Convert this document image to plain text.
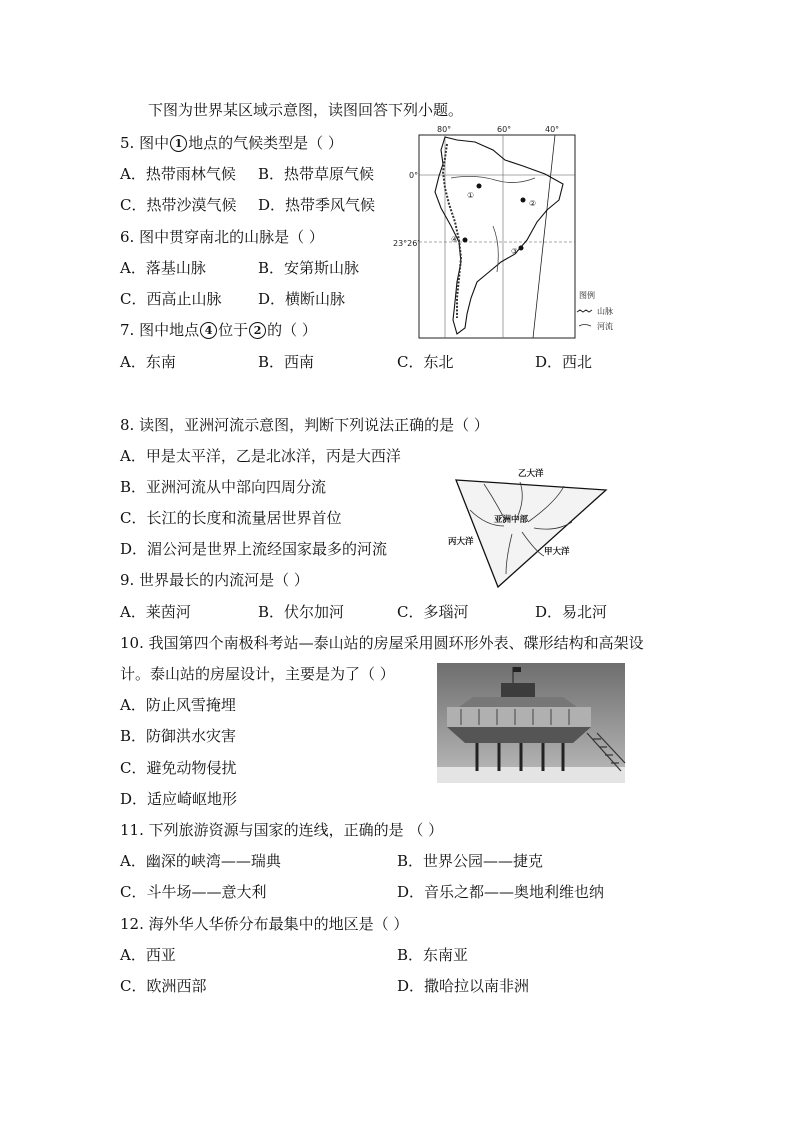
下图为世界某区域示意图，读图回答下列小题。
5. 图中 1 地点的气候类型是（ ）
A．热带雨林气候 B．热带草原气候
C．热带沙漠气候 D．热带季风气候
6. 图中贯穿南北的山脉是（ ）
A．落基山脉	B．安第斯山脉
C．西高止山脉 D．横断山脉
7. 图中地点 4 位于 2 的（ ）
A．东南	B．西南	C．东北	D．西北
80°	60°	40°
0°
23°26′
①
②
③
④
图例
山脉
河流
8. 读图，亚洲河流示意图，判断下列说法正确的是（ ）
A．甲是太平洋，乙是北冰洋，丙是大西洋
B．亚洲河流从中部向四周分流
C．长江的长度和流量居世界首位
D．湄公河是世界上流经国家最多的河流
乙大洋
亚洲中部
丙大洋
甲大洋
9. 世界最长的内流河是（ ）
A．莱茵河	B．伏尔加河	C．多瑙河	D．易北河
10. 我国第四个南极科考站—泰山站的房屋采用圆环形外表、碟形结构和高架设
计。泰山站的房屋设计，主要是为了（ ）
A．防止风雪掩埋
B．防御洪水灾害
C．避免动物侵扰
D．适应崎岖地形
11. 下列旅游资源与国家的连线，正确的是 （ ）
A．幽深的峡湾——瑞典	B．世界公园——捷克
C．斗牛场——意大利	D．音乐之都——奥地利维也纳
12. 海外华人华侨分布最集中的地区是（ ）
A．西亚	B．东南亚
C．欧洲西部	D．撒哈拉以南非洲
